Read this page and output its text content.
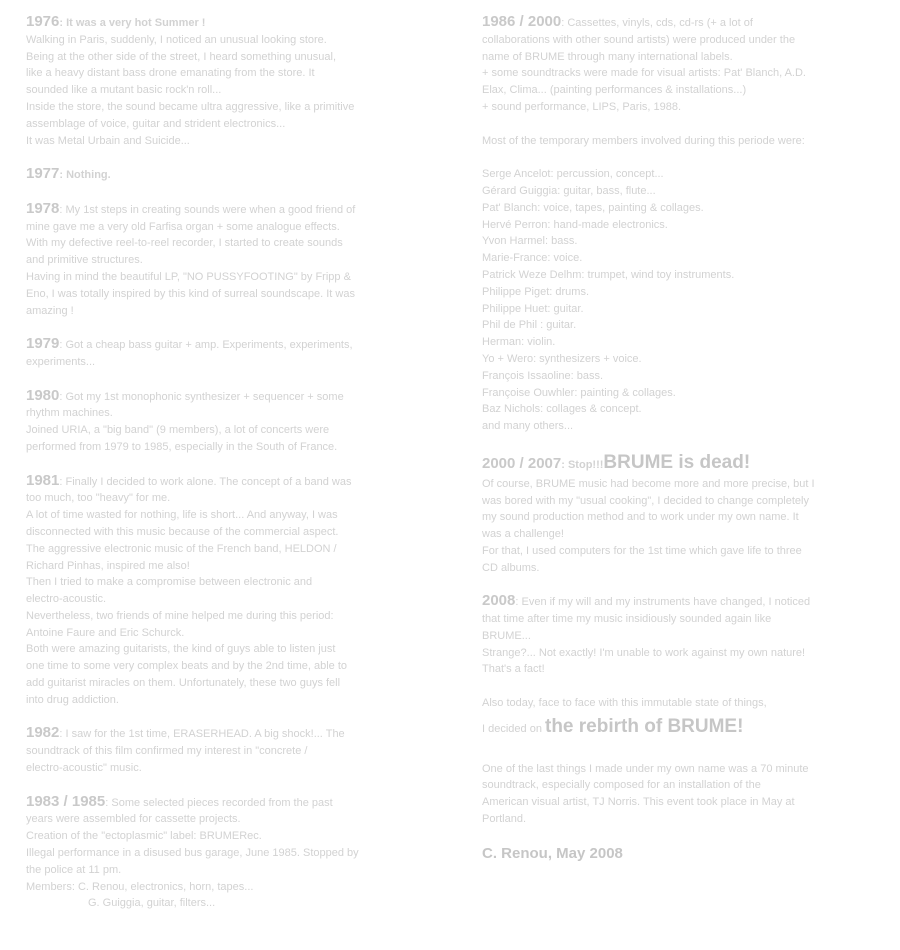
1976: It was a very hot Summer !

Walking in Paris, suddenly, I noticed an unusual looking store.

Being at the other side of the street, I heard something unusual,

like a heavy distant bass drone emanating from the store. It

sounded like a mutant basic rock'n roll...

Inside the store, the sound became ultra aggressive, like a primitive

assemblage of voice, guitar and strident electronics...

It was Metal Urbain and Suicide...

1977: Nothing.

1978: My 1st steps in creating sounds were when a good friend of

mine gave me a very old Farfisa organ + some analogue effects.

With my defective reel-to-reel recorder, I started to create sounds

and primitive structures.

Having in mind the beautiful LP, "NO PUSSYFOOTING" by Fripp &

Eno, I was totally inspired by this kind of surreal soundscape. It was

amazing !

1979: Got a cheap bass guitar + amp. Experiments, experiments,

experiments...

1980: Got my 1st monophonic synthesizer + sequencer + some

rhythm machines.

Joined URIA, a "big band" (9 members), a lot of concerts were

performed from 1979 to 1985, especially in the South of France.

1981: Finally I decided to work alone. The concept of a band was

too much, too "heavy" for me.

A lot of time wasted for nothing, life is short... And anyway, I was

disconnected with this music because of the commercial aspect.

The aggressive electronic music of the French band, HELDON /

Richard Pinhas, inspired me also!

Then I tried to make a compromise between electronic and

electro-acoustic.

Nevertheless, two friends of mine helped me during this period:

Antoine Faure and Eric Schurck.

Both were amazing guitarists, the kind of guys able to listen just

one time to some very complex beats and by the 2nd time, able to

add guitarist miracles on them. Unfortunately, these two guys fell

into drug addiction.

1982: I saw for the 1st time, ERASERHEAD. A big shock!... The

soundtrack of this film confirmed my interest in "concrete /

electro-acoustic" music.

1983 / 1985: Some selected pieces recorded from the past

years were assembled for cassette projects.

Creation of the "ectoplasmic" label: BRUMERec.

Illegal performance in a disused bus garage, June 1985. Stopped by

the police at 11 pm.

Members: C. Renou, electronics, horn, tapes...

G. Guiggia, guitar, filters...

1986 / 2000: Cassettes, vinyls, cds, cd-rs (+ a lot of

collaborations with other sound artists) were produced under the

name of BRUME through many international labels.

+ some soundtracks were made for visual artists: Pat' Blanch, A.D.

Elax, Clima... (painting performances & installations...)

+ sound performance, LIPS, Paris, 1988.

Most of the temporary members involved during this periode were:

Serge Ancelot: percussion, concept...

Gérard Guiggia: guitar, bass, flute...

Pat' Blanch: voice, tapes, painting & collages.

Hervé Perron: hand-made electronics.

Yvon Harmel: bass.

Marie-France: voice.

Patrick Weze Delhm: trumpet, wind toy instruments.

Philippe Piget: drums.

Philippe Huet: guitar.

Phil de Phil : guitar.

Herman: violin.

Yo + Wero: synthesizers + voice.

François Issaoline: bass.

Françoise Ouwhler: painting & collages.

Baz Nichols: collages & concept.

and many others...

2000 / 2007: Stop!!!BRUME is dead!

Of course, BRUME music had become more and more precise, but I

was bored with my "usual cooking", I decided to change completely

my sound production method and to work under my own name. It

was a challenge!

For that, I used computers for the 1st time which gave life to three

CD albums.

2008: Even if my will and my instruments have changed, I noticed

that time after time my music insidiously sounded again like

BRUME...

Strange?... Not exactly! I'm unable to work against my own nature!

That's a fact!

Also today, face to face with this immutable state of things,

I decided on the rebirth of BRUME!

One of the last things I made under my own name was a 70 minute

soundtrack, especially composed for an installation of the

American visual artist, TJ Norris. This event took place in May at

Portland.

C. Renou, May 2008
